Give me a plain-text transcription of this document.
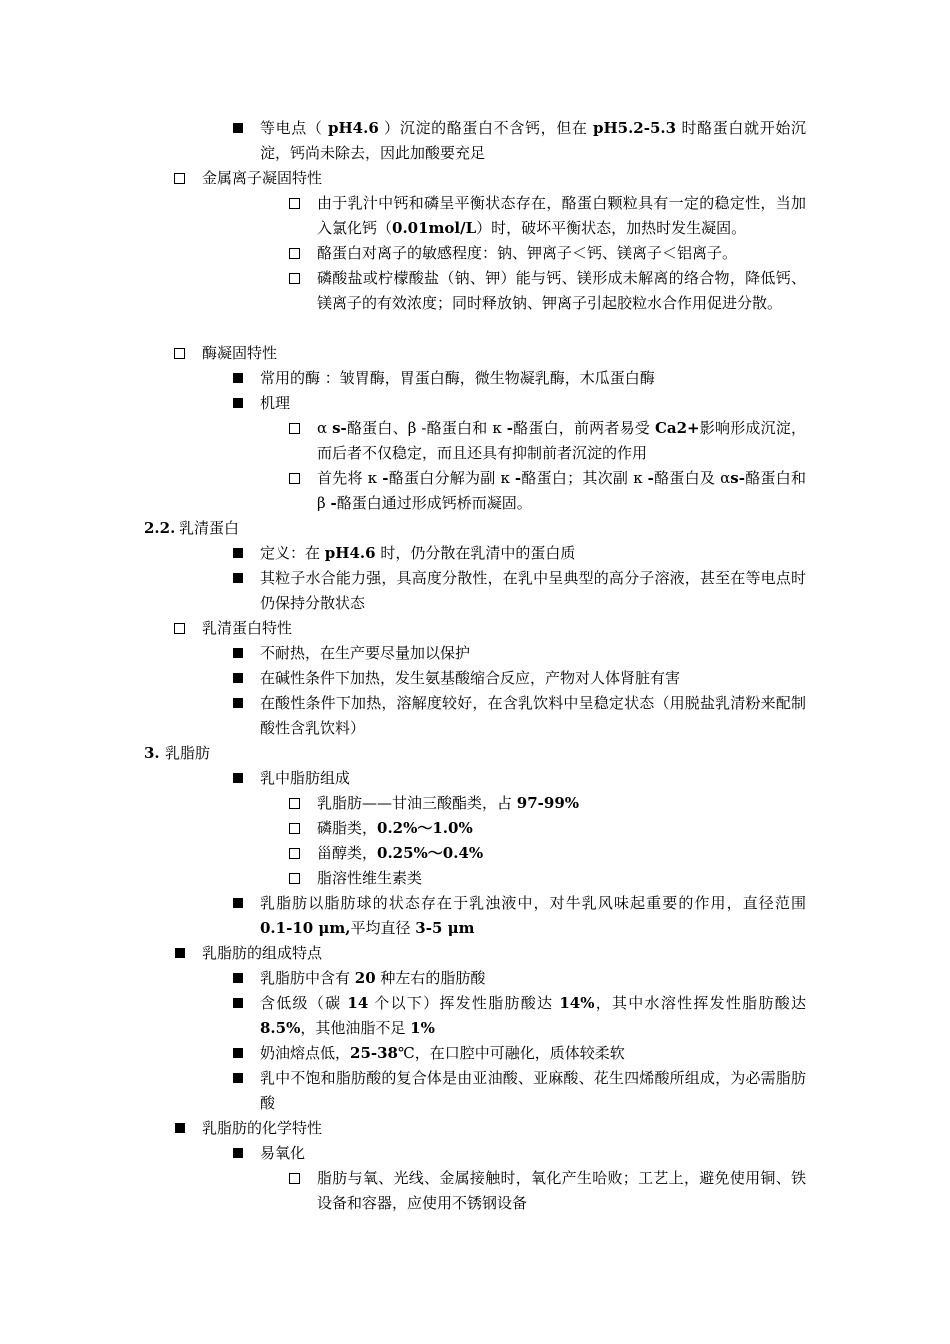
等电点（ pH4.6 ）沉淀的酪蛋白不含钙，但在 pH5.2-5.3 时酪蛋白就开始沉淀，钙尚未除去，因此加酸要充足
金属离子凝固特性
由于乳汁中钙和磷呈平衡状态存在，酪蛋白颗粒具有一定的稳定性，当加入氯化钙（0.01mol/L）时，破坏平衡状态，加热时发生凝固。
酪蛋白对离子的敏感程度：钠、钾离子＜钙、镁离子＜铝离子。
磷酸盐或柠檬酸盐（钠、钾）能与钙、镁形成未解离的络合物，降低钙、镁离子的有效浓度；同时释放钠、钾离子引起胶粒水合作用促进分散。
酶凝固特性
常用的酶 ：皱胃酶，胃蛋白酶，微生物凝乳酶，木瓜蛋白酶
机理
α s-酪蛋白、β -酪蛋白和 κ -酪蛋白，前两者易受 Ca2+影响形成沉淀，而后者不仅稳定，而且还具有抑制前者沉淀的作用
首先将 κ -酪蛋白分解为副 κ -酪蛋白；其次副 κ -酪蛋白及 αs-酪蛋白和 β -酪蛋白通过形成钙桥而凝固。
2.2. 乳清蛋白
定义：在 pH4.6 时，仍分散在乳清中的蛋白质
其粒子水合能力强，具高度分散性，在乳中呈典型的高分子溶液，甚至在等电点时仍保持分散状态
乳清蛋白特性
不耐热，在生产要尽量加以保护
在碱性条件下加热，发生氨基酸缩合反应，产物对人体肾脏有害
在酸性条件下加热，溶解度较好，在含乳饮料中呈稳定状态（用脱盐乳清粉来配制酸性含乳饮料）
3. 乳脂肪
乳中脂肪组成
乳脂肪——甘油三酸酯类，占 97-99%
磷脂类，0.2%～1.0%
甾醇类，0.25%～0.4%
脂溶性维生素类
乳脂肪以脂肪球的状态存在于乳浊液中，对牛乳风味起重要的作用，直径范围 0.1-10 μm,平均直径 3-5 μm
乳脂肪的组成特点
乳脂肪中含有 20 种左右的脂肪酸
含低级（碳 14 个以下）挥发性脂肪酸达 14%，其中水溶性挥发性脂肪酸达 8.5%，其他油脂不足 1%
奶油熔点低，25-38℃，在口腔中可融化，质体较柔软
乳中不饱和脂肪酸的复合体是由亚油酸、亚麻酸、花生四烯酸所组成，为必需脂肪酸
乳脂肪的化学特性
易氧化
脂肪与氧、光线、金属接触时，氧化产生哈败；工艺上，避免使用铜、铁设备和容器，应使用不锈钢设备
